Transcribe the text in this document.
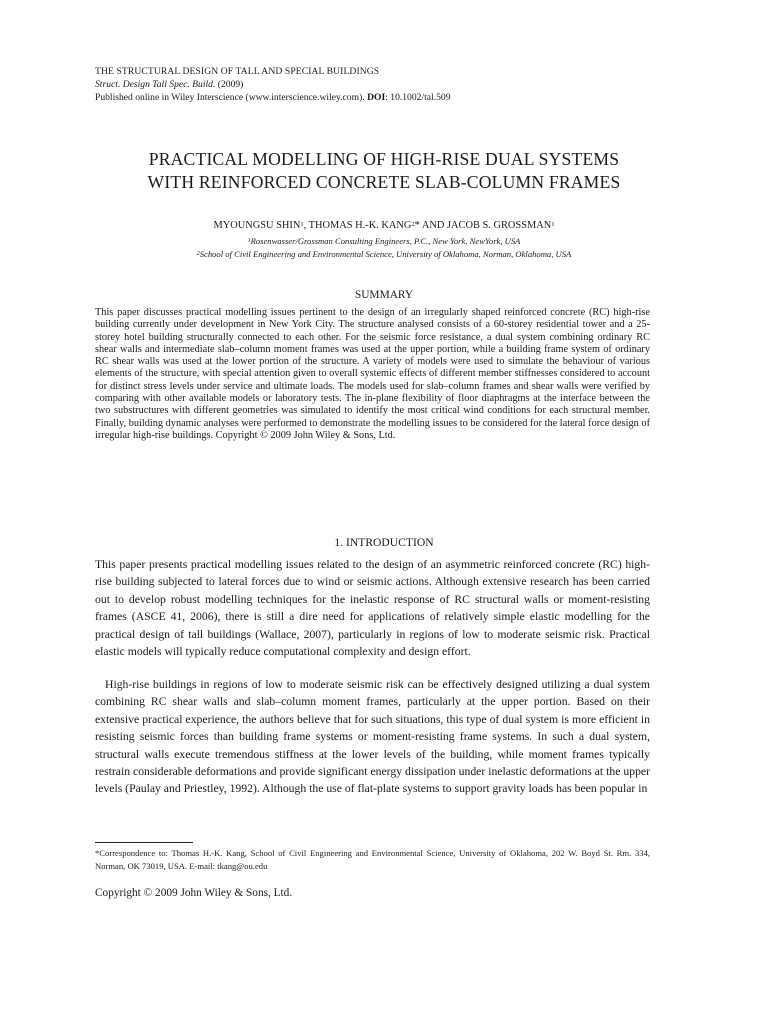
THE STRUCTURAL DESIGN OF TALL AND SPECIAL BUILDINGS
Struct. Design Tall Spec. Build. (2009)
Published online in Wiley Interscience (www.interscience.wiley.com). DOI: 10.1002/tal.509
PRACTICAL MODELLING OF HIGH-RISE DUAL SYSTEMS
WITH REINFORCED CONCRETE SLAB-COLUMN FRAMES
MYOUNGSU SHIN$^1$, THOMAS H.-K. KANG$^2$* AND JACOB S. GROSSMAN$^1$
$^1$Rosenwasser/Grossman Consulting Engineers, P.C., New York, NewYork, USA
$^2$School of Civil Engineering and Environmental Science, University of Oklahoma, Norman, Oklahoma, USA
SUMMARY
This paper discusses practical modelling issues pertinent to the design of an irregularly shaped reinforced concrete (RC) high-rise building currently under development in New York City. The structure analysed consists of a 60-storey residential tower and a 25-storey hotel building structurally connected to each other. For the seismic force resistance, a dual system combining ordinary RC shear walls and intermediate slab–column moment frames was used at the upper portion, while a building frame system of ordinary RC shear walls was used at the lower portion of the structure. A variety of models were used to simulate the behaviour of various elements of the structure, with special attention given to overall systemic effects of different member stiffnesses considered to account for distinct stress levels under service and ultimate loads. The models used for slab–column frames and shear walls were verified by comparing with other available models or laboratory tests. The in-plane flexibility of floor diaphragms at the interface between the two substructures with different geometries was simulated to identify the most critical wind conditions for each structural member. Finally, building dynamic analyses were performed to demonstrate the modelling issues to be considered for the lateral force design of irregular high-rise buildings. Copyright © 2009 John Wiley & Sons, Ltd.
1. INTRODUCTION
This paper presents practical modelling issues related to the design of an asymmetric reinforced concrete (RC) high-rise building subjected to lateral forces due to wind or seismic actions. Although extensive research has been carried out to develop robust modelling techniques for the inelastic response of RC structural walls or moment-resisting frames (ASCE 41, 2006), there is still a dire need for applications of relatively simple elastic modelling for the practical design of tall buildings (Wallace, 2007), particularly in regions of low to moderate seismic risk. Practical elastic models will typically reduce computational complexity and design effort.
High-rise buildings in regions of low to moderate seismic risk can be effectively designed utilizing a dual system combining RC shear walls and slab–column moment frames, particularly at the upper portion. Based on their extensive practical experience, the authors believe that for such situations, this type of dual system is more efficient in resisting seismic forces than building frame systems or moment-resisting frame systems. In such a dual system, structural walls execute tremendous stiffness at the lower levels of the building, while moment frames typically restrain considerable deformations and provide significant energy dissipation under inelastic deformations at the upper levels (Paulay and Priestley, 1992). Although the use of flat-plate systems to support gravity loads has been popular in
*Correspondence to: Thomas H.-K. Kang, School of Civil Engineering and Environmental Science, University of Oklahoma, 202 W. Boyd St. Rm. 334, Norman, OK 73019, USA. E-mail: tkang@ou.edu
Copyright © 2009 John Wiley & Sons, Ltd.
